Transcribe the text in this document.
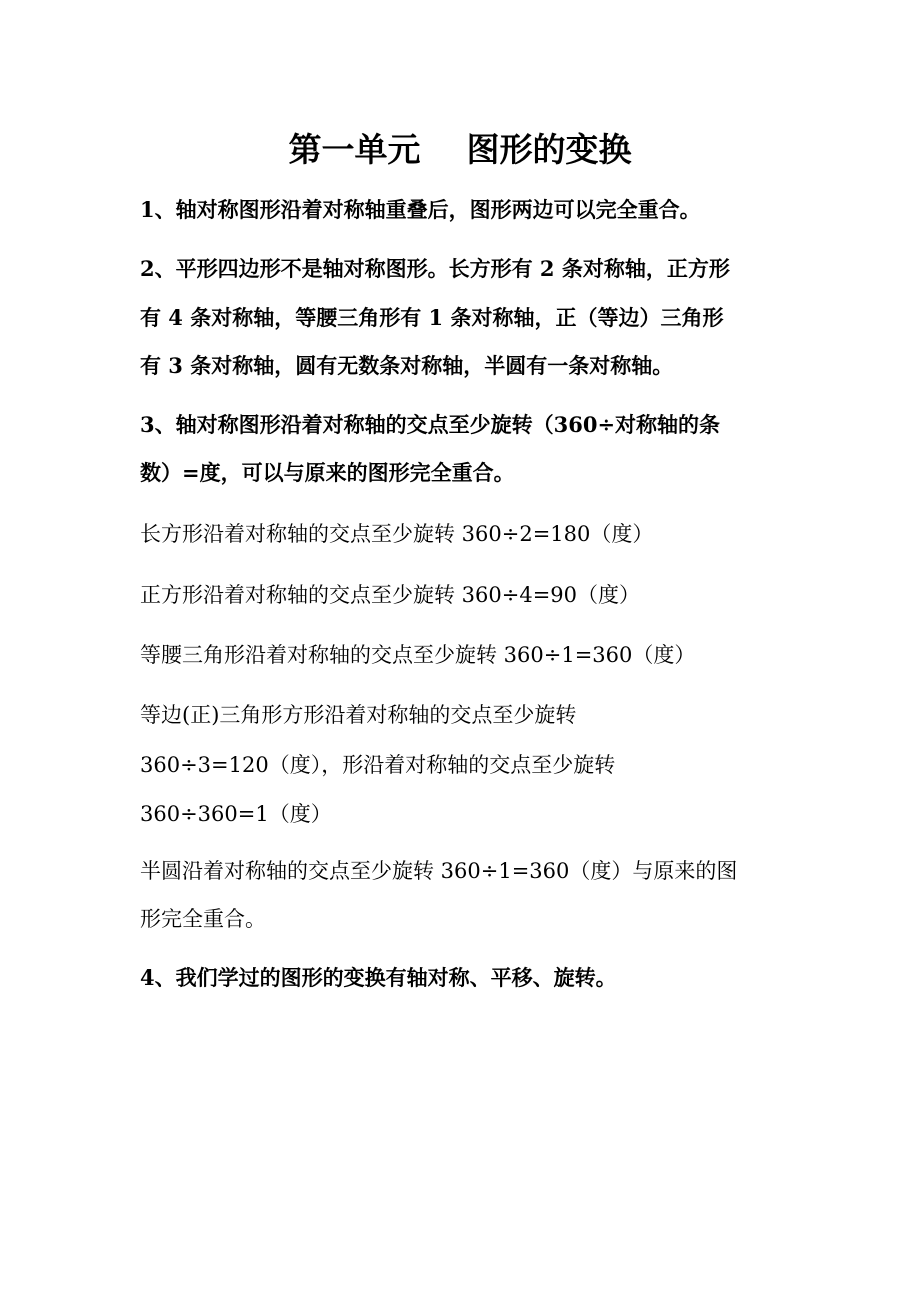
第一单元    图形的变换
1、轴对称图形沿着对称轴重叠后，图形两边可以完全重合。
2、平形四边形不是轴对称图形。长方形有 2 条对称轴，正方形
有 4 条对称轴，等腰三角形有 1 条对称轴，正（等边）三角形
有 3 条对称轴，圆有无数条对称轴，半圆有一条对称轴。
3、轴对称图形沿着对称轴的交点至少旋转（360÷对称轴的条
数）=度，可以与原来的图形完全重合。
长方形沿着对称轴的交点至少旋转 360÷2=180（度）
正方形沿着对称轴的交点至少旋转 360÷4=90（度）
等腰三角形沿着对称轴的交点至少旋转 360÷1=360（度）
等边(正)三角形方形沿着对称轴的交点至少旋转
360÷3=120（度），形沿着对称轴的交点至少旋转
360÷360=1（度）
半圆沿着对称轴的交点至少旋转 360÷1=360（度）与原来的图
形完全重合。
4、我们学过的图形的变换有轴对称、平移、旋转。
